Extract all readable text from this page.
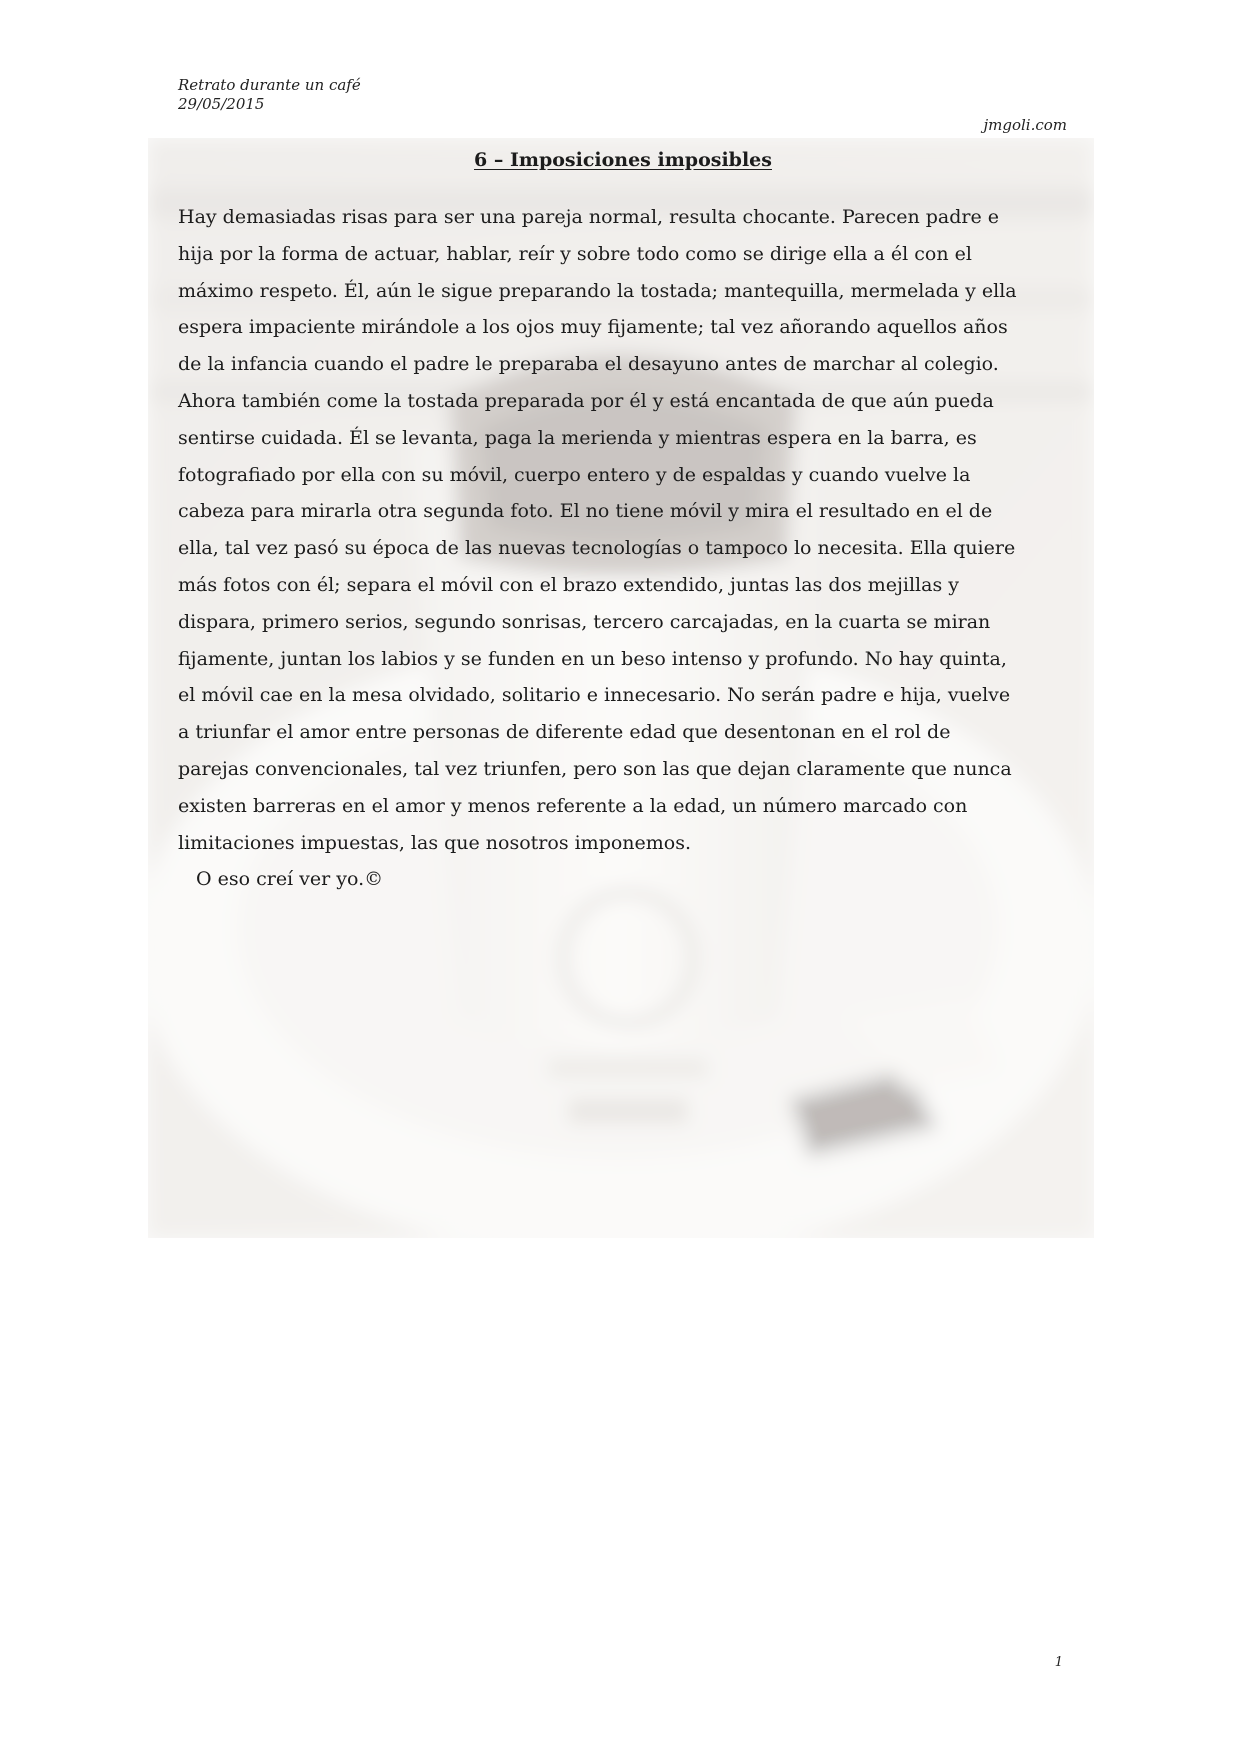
Retrato durante un café
29/05/2015
jmgoli.com
6 – Imposiciones imposibles

Hay demasiadas risas para ser una pareja normal, resulta chocante. Parecen padre e
hija por la forma de actuar, hablar, reír y sobre todo como se dirige ella a él con el
máximo respeto. Él, aún le sigue preparando la tostada; mantequilla, mermelada y ella
espera impaciente mirándole a los ojos muy fijamente; tal vez añorando aquellos años
de la infancia cuando el padre le preparaba el desayuno antes de marchar al colegio.
Ahora también come la tostada preparada por él y está encantada de que aún pueda
sentirse cuidada. Él se levanta, paga la merienda y mientras espera en la barra, es
fotografiado por ella con su móvil, cuerpo entero y de espaldas y cuando vuelve la
cabeza para mirarla otra segunda foto. El no tiene móvil y mira el resultado en el de
ella, tal vez pasó su época de las nuevas tecnologías o tampoco lo necesita. Ella quiere
más fotos con él; separa el móvil con el brazo extendido, juntas las dos mejillas y
dispara, primero serios, segundo sonrisas, tercero carcajadas, en la cuarta se miran
fijamente, juntan los labios y se funden en un beso intenso y profundo. No hay quinta,
el móvil cae en la mesa olvidado, solitario e innecesario. No serán padre e hija, vuelve
a triunfar el amor entre personas de diferente edad que desentonan en el rol de
parejas convencionales, tal vez triunfen, pero son las que dejan claramente que nunca
existen barreras en el amor y menos referente a la edad, un número marcado con
limitaciones impuestas, las que nosotros imponemos.

O eso creí ver yo.©

1
